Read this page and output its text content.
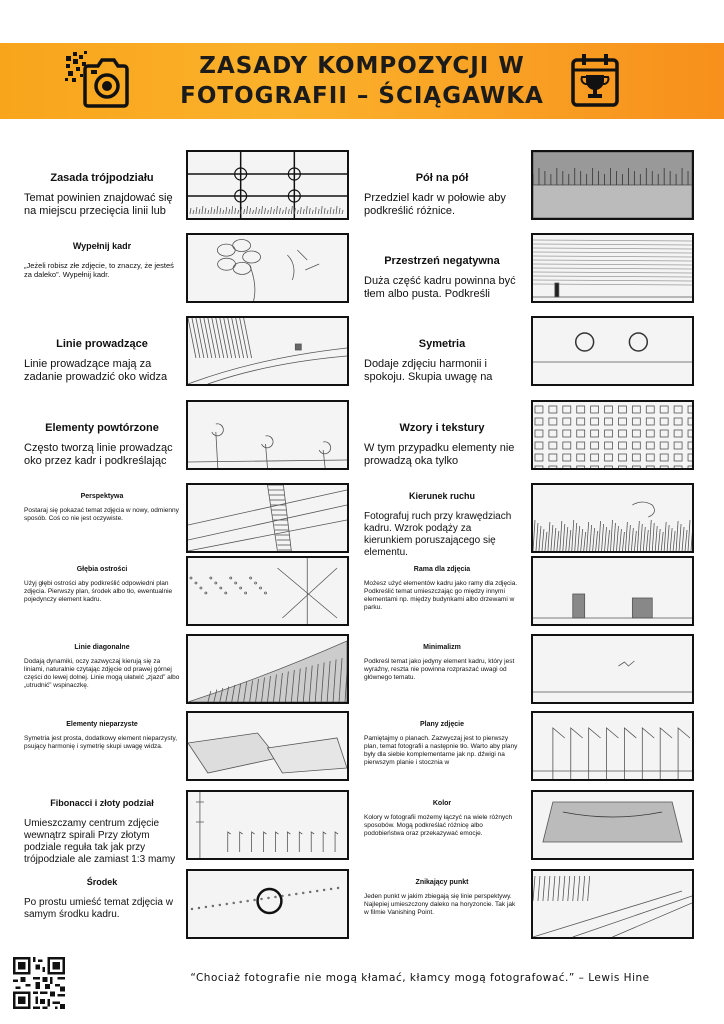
ZASADY KOMPOZYCJI W
FOTOGRAFII – ŚCIĄGAWKA
Zasada trójpodziału
Temat powinien znajdować się na miejscu przecięcia linii lub
Wypełnij kadr
„Jeżeli robisz złe zdjęcie, to znaczy, że jesteś za daleko”. Wypełnij kadr.
Linie prowadzące
Linie prowadzące mają za zadanie prowadzić oko widza
Elementy powtórzone
Często tworzą linie prowadząc oko przez kadr i podkreślając
Perspektywa
Postaraj się pokazać temat zdjęcia w nowy, odmienny sposób. Coś co nie jest oczywiste.
Głębia ostrości
Użyj głębi ostrości aby podkreślić odpowiedni plan zdjęcia. Pierwszy plan, środek albo tło, ewentualnie pojedynczy element kadru.
Linie diagonalne
Dodają dynamiki, oczy zazwyczaj kierują się za liniami, naturalnie czytając zdjęcie od prawej górnej części do lewej dolnej. Linie mogą ułatwić „zjazd” albo „utrudnić” wspinaczkę.
Elementy nieparzyste
Symetria jest prosta, dodatkowy element nieparzysty, psujący harmonię i symetrię skupi uwagę widza.
Fibonacci i złoty podział
Umieszczamy centrum zdjęcie wewnątrz spirali Przy złotym podziale reguła tak jak przy trójpodziale ale zamiast 1:3 mamy
Środek
Po prostu umieść temat zdjęcia w samym środku kadru.
Pół na pół
Przedziel kadr w połowie aby podkreślić różnice.
Przestrzeń negatywna
Duża część kadru powinna być tłem albo pusta. Podkreśli
Symetria
Dodaje zdjęciu harmonii i spokoju. Skupia uwagę na
Wzory i tekstury
W tym przypadku elementy nie prowadzą oka tylko
Kierunek ruchu
Fotografuj ruch przy krawędziach kadru. Wzrok podąży za kierunkiem poruszającego się elementu.
Rama dla zdjęcia
Możesz użyć elementów kadru jako ramy dla zdjęcia. Podkreślić temat umieszczając go między innymi elementami np. między budynkami albo drzewami w parku.
Minimalizm
Podkreśl temat jako jedyny element kadru, który jest wyraźny, reszta nie powinna rozpraszać uwagi od głównego tematu.
Plany zdjęcie
Pamiętajmy o planach. Zazwyczaj jest to pierwszy plan, temat fotografii a następnie tło. Warto aby plany były dla siebie komplementarne jak np. dźwigi na pierwszym planie i stocznia w
Kolor
Kolory w fotografii możemy łączyć na wiele różnych sposobów. Mogą podkreślać różnicę albo podobieństwa oraz przekazywać emocje.
Znikający punkt
Jeden punkt w jakim zbiegają się linie perspektywy. Najlepiej umieszczony daleko na horyzoncie. Tak jak w filmie Vanishing Point.
“Chociaż fotografie nie mogą kłamać, kłamcy mogą fotografować.” – Lewis Hine
